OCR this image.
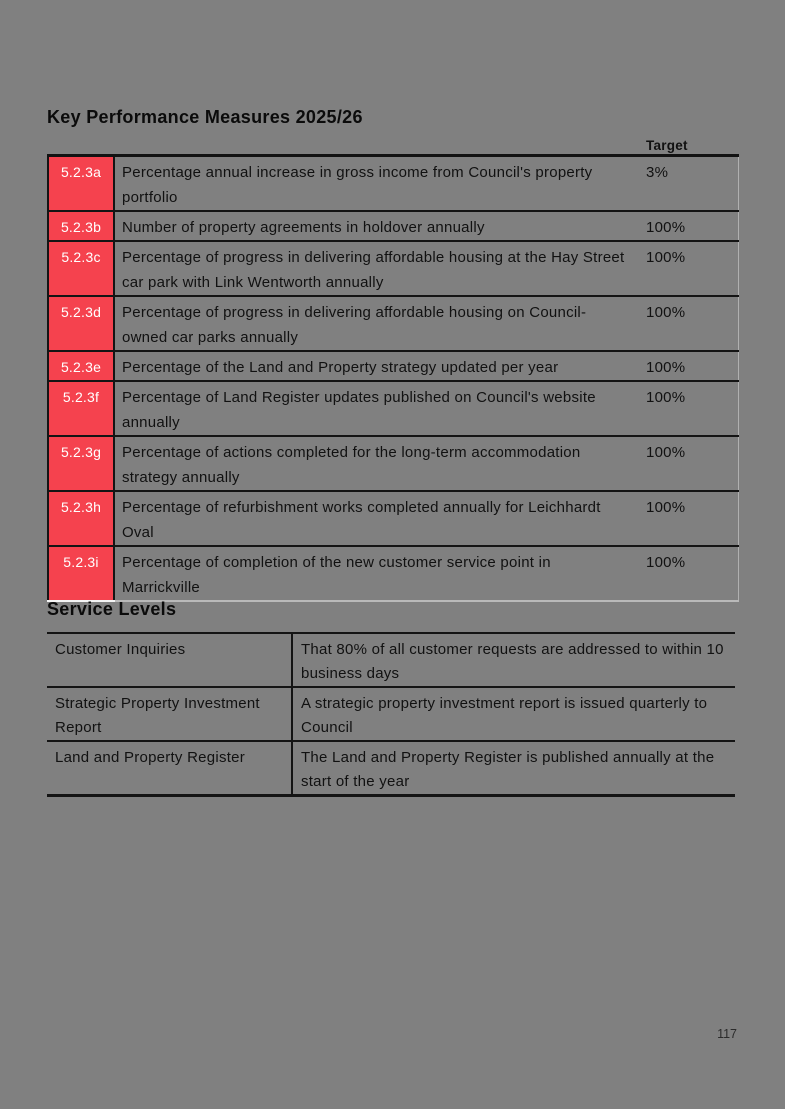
Key Performance Measures 2025/26
		Target
5.2.3a	Percentage annual increase in gross income from Council's property portfolio	3%
5.2.3b	Number of property agreements in holdover annually	100%
5.2.3c	Percentage of progress in delivering affordable housing at the Hay Street car park with Link Wentworth annually	100%
5.2.3d	Percentage of progress in delivering affordable housing on Council-owned car parks annually	100%
5.2.3e	Percentage of the Land and Property strategy updated per year	100%
5.2.3f	Percentage of Land Register updates published on Council's website annually	100%
5.2.3g	Percentage of actions completed for the long-term accommodation strategy annually	100%
5.2.3h	Percentage of refurbishment works completed annually for Leichhardt Oval	100%
5.2.3i	Percentage of completion of the new customer service point in Marrickville	100%
Service Levels
Customer Inquiries	That 80% of all customer requests are addressed to within 10 business days
Strategic Property Investment Report	A strategic property investment report is issued quarterly to Council
Land and Property Register	The Land and Property Register is published annually at the start of the year
117
